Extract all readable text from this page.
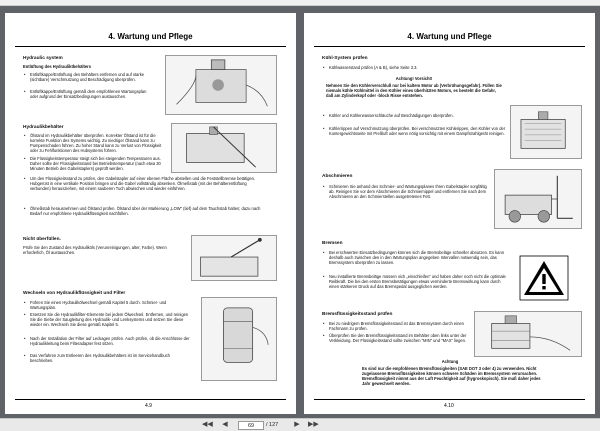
4. Wartung und Pflege
Hydraulic system
Entlüftung des Hydrauliktbehälters
• Entlüftkappe/Entlüftung des Behälters entfernen und auf starke (sichtbare) Verschmutzung und Beschädigung überprüfen.
• Entlüftkappe/Entlüftung gemäß dem empfohlenen Wartungsplan oder aufgrund der Einsatzbedingungen austauschen.
Hydraulikbehälter
• Ölstand im Hydraulikbehälter überprüfen. Korrekter Ölstand ist für die korrekte Funktion des Systems wichtig. Zu niedriger Ölstand kann zu Pumpenschaden führen. Zu hoher Stand kann zu Verlust von Flüssigkeit oder zu Fehlfunktionen des Hubsystems führen.
• Die Flüssigkeitstemperatur steigt sich bei steigenden Temperaturen aus. Daher sollte der Flüssigkeitsstand bei Betriebstemperatur (nach etwa 30 Minuten Betrieb des Gabelstaplers) geprüft werden.
• Um den Flüssigkeitsstand zu prüfen, den Gabelstapler auf einer ebenen Fläche abstellen und die Feststellbremse betätigen. Hubgerüst in eine vertikale Position bringen und die Gabel vollständig absenken. Ölmeßstab (mit der Behälterentlüftung verbunden) herausziehen, mit einem sauberen Tuch abwischen und wieder einführen.
• Ölmeßstab herausnehmen und Ölstand prüfen. Ölstand über der Markierung „LOW“ (tief) auf dem Tauchstab halten; dazu nach Bedarf nur empfohlene Hydraulikflüssigkeit nachfüllen.
Nicht überfüllen.
Prüfe Sie den Zustand des Hydrauliköls (Verunreinigungen, alter, Farbe). Wenn erforderlich, Öl austauschen.
Wechseln von Hydraulikflüssigkeit und Filter
• Führen Sie einen Hydraulikölwechsel gemäß Kapitel 5 durch. Schmier- und Wartungsplan.
• Ersetzen Sie die Hydraulikfilter-Elemente bei jedem Ölwechsel. Entfernen, und reinigen Sie die Siebe der Saugleitung des Hydraulik- und Lenksystems und setzen Sie diese wieder ein. Wechseln Sie diese gemäß Kapitel 5.
• Nach der Installation der Filter auf Leckagen prüfen. Auch prüfen, ob die Anschlüsse der Hydraulikleitung beim Filteradapter fest sitzen.
• Das Verfahren zum Entleeren des Hydraulikbehälters ist im Servicehandbuch beschrieben.
4.9
4. Wartung und Pflege
Kühl-System prüfen
• Kühlwasserstand prüfen (A & B), siehe Seite 3.3.
Achtung! Vorsicht!
Nehmen Sie den Kühlerverschluß nur bei kaltem Motor ab (Verbrühungsgefahr). Füllen Sie niemals kühle Kühlmittel in den Kühler eines überhitzten Motors, es besteht die Gefahr, daß am Zylinderkopf oder -block Risse entstehen.
• Kühler und Kühlerwasserschläuche auf Beschädigungen überprüfen.
• Kühlerrippen auf Verschmutzung überprüfen. Bei verschmutzten Kühlerippen, den Kühler von der Kontergewichtsseite mit Preßluft oder wenn nötig vorsichtig mit einem Dampfstrahlgerät reinigen.
Abschmieren
• Schmieren Sie anhand des Schmier- und Wartungsplanes Ihren Gabelstapler sorgfältig ab. Reinigen Sie vor dem Abschmieren die Schmiernippel und entfernen Sie nach dem Abschmieren an den Schmierstellen ausgetretenes Fett.
Bremsen
• Bei erschwerten Einsatzbedingungen können sich die Bremsbeläge schneller abnutzen. Es kann deshalb auch zwischen den in den Wartungsplan angegeben Intervallen notwendig sein, das Bremssystem überprüfen zu lassen.
• Neu installierte Bremsbeläge müssen sich „einschleifen“ und haben daher noch nicht die optimale Reibkraft. Die bei den ersten Bremsbetätigungen etwas verminderte Bremswirkung kann durch einen stärkeren Druck auf das Bremspedal ausgeglichen werden.
Bremsflüssigkeitsstand prüfen
• Bei zu niedrigem Bremsflüssigkeitsstand ist das Bremssystem durch einen Fachmann zu prüfen.
• Überprüfen Sie den Bremsflüssigkeitsstand im Behälter oben links unter der Verkleidung. Der Flüssigkeitsstand sollte zwischen "MIN" und "MAX" liegen.
Achtung
Es sind nur die empfohlenen Bremsflüssigkeiten (SAE DOT 3 oder 4) zu verwenden. Nicht zugelassene Bremsflüssigkeiten können schwere Schäden im Bremssystem verursachen. Bremsflüssigkeit nimmt aus der Luft Feuchtigkeit auf (hygroskopisch). Sie muß daher jedes Jahr gewechselt werden.
4.10
◀◀	◀	69	/ 127	▶	▶▶
